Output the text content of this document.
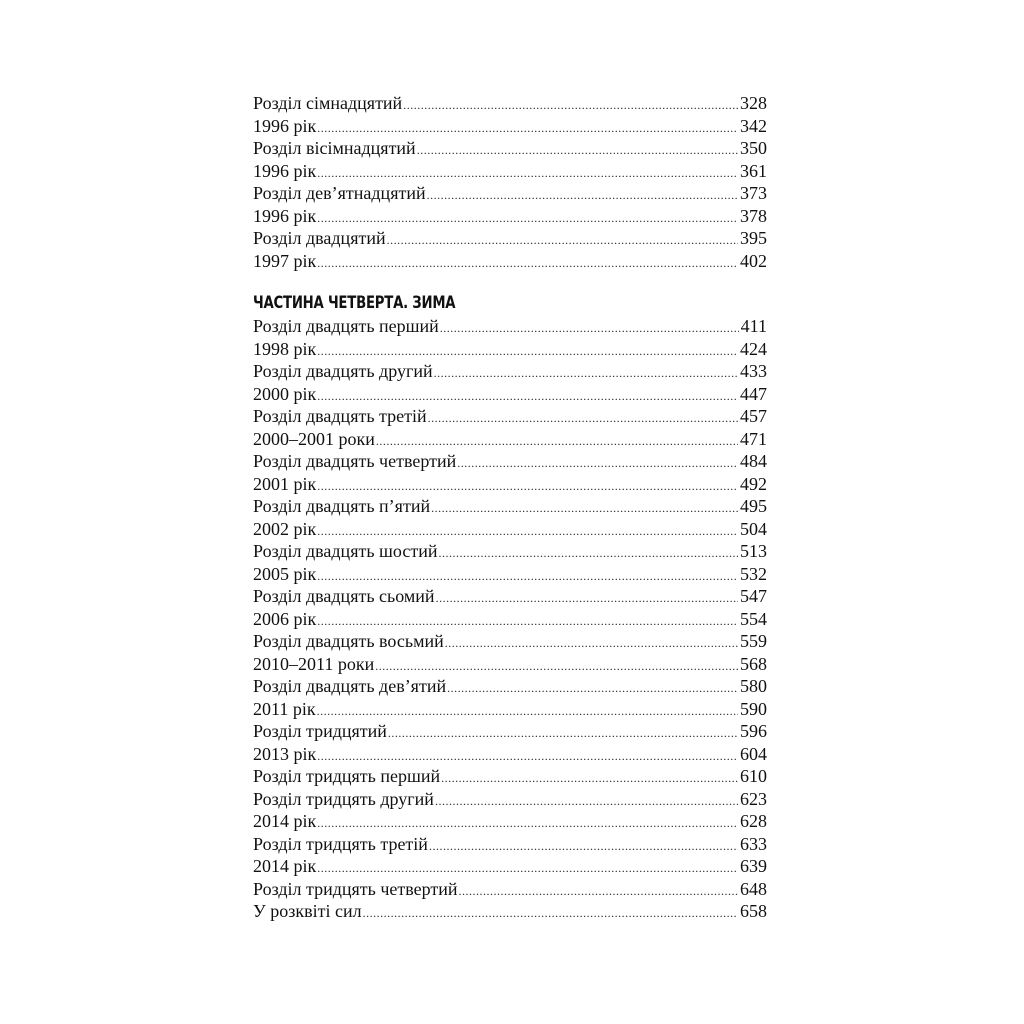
Розділ сімнадцятий .....	328
1996 рік .....	342
Розділ вісімнадцятий .....	350
1996 рік .....	361
Розділ дев’ятнадцятий .....	373
1996 рік .....	378
Розділ двадцятий .....	395
1997 рік .....	402
ЧАСТИНА ЧЕТВЕРТА. ЗИМА
Розділ двадцять перший .....	411
1998 рік .....	424
Розділ двадцять другий .....	433
2000 рік .....	447
Розділ двадцять третій .....	457
2000–2001 роки .....	471
Розділ двадцять четвертий .....	484
2001 рік .....	492
Розділ двадцять п’ятий .....	495
2002 рік .....	504
Розділ двадцять шостий .....	513
2005 рік .....	532
Розділ двадцять сьомий .....	547
2006 рік .....	554
Розділ двадцять восьмий .....	559
2010–2011 роки .....	568
Розділ двадцять дев’ятий .....	580
2011 рік .....	590
Розділ тридцятий .....	596
2013 рік .....	604
Розділ тридцять перший .....	610
Розділ тридцять другий .....	623
2014 рік .....	628
Розділ тридцять третій .....	633
2014 рік .....	639
Розділ тридцять четвертий .....	648
У розквіті сил .....	658
